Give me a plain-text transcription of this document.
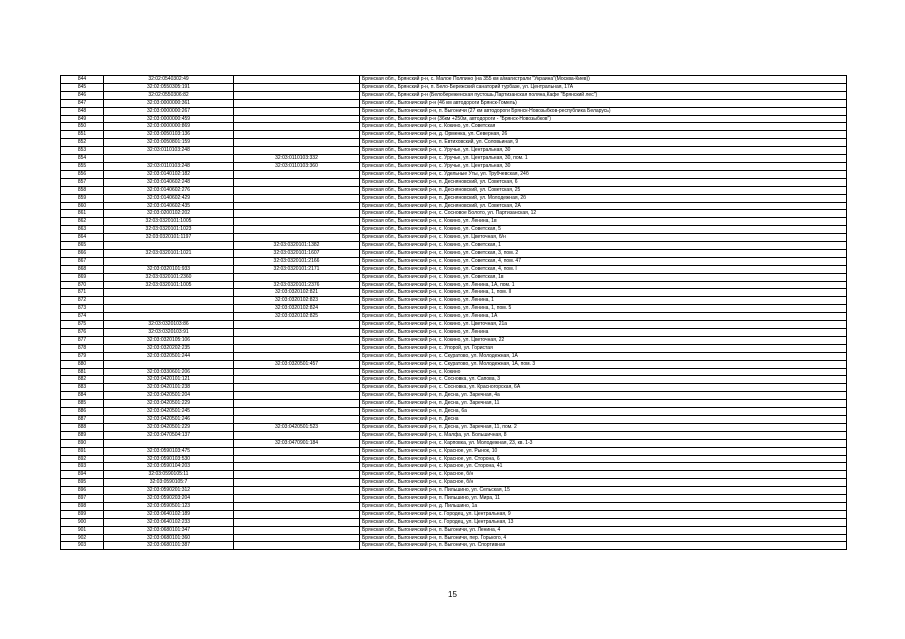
844	32:02:0540302:49		Брянская обл., Брянский р-н, с. Малое Полпино (на 355 км а/магистрали "Украина"(Москва-Киев))
845	32:02:0550305:191		Брянская обл., Брянский р-н, п. Бело-Бережский санаторий турбазе, ул. Центральная, 17А
846	32:02:0550306:82		Брянская обл., Брянский р-н (Белобереженская пустошь,Партизанская поляна,Кафе "Брянский лес")
847	32:03:0000000:361		Брянская обл., Выгоничский р-н (46 км автодороги Брянск-Гомель)
848	32:03:0000000:267		Брянская обл., Выгоничский р-н, п. Выгоничи (27 км автодороги Брянск-Новозыбков-республика Беларусь)
849	32:03:0000000:459		Брянская обл., Выгоничский р-н (36км +250м, автодороги - "Брянск-Новозыбков")
850	32:03:0000000:869		Брянская обл., Выгоничский р-н, с. Кокино, ул. Советская
851	32:03:0050103:136		Брянская обл., Выгоничский р-н, д. Орменка, ул. Северная, 26
852	32:03:0050801:159		Брянская обл., Выгоничский р-н, п. Евтиховский, ул. Соловьиная, 9
853	32:03:0110103:248		Брянская обл., Выгоничский р-н, с. Уручье, ул. Центральная, 30
854		32:03:0110103:332	Брянская обл., Выгоничский р-н, с. Уручье, ул. Центральная, 30, пом. 1
855	32:03:0110103:248	32:03:0110103:360	Брянская обл., Выгоничский р-н, с. Уручье, ул. Центральная, 30
856	32:03:0140102:182		Брянская обл., Выгоничский р-н, с. Удельные Уты, ул. Трубчевская, 24б
857	32:03:0140602:248		Брянская обл., Выгоничский р-н, п. Десняновский, ул. Советская, 6
858	32:03:0140602:276		Брянская обл., Выгоничский р-н, п. Десняновский, ул. Советская, 25
859	32:03:0140602:429		Брянская обл., Выгоничский р-н, п. Десняновский, ул. Молодежная, 2б
860	32:03:0140602:435		Брянская обл., Выгоничский р-н, п. Десняновский, ул. Советская, 2А
861	32:03:0200102:202		Брянская обл., Выгоничский р-н, с. Сосновое Болото, ул. Партизанская, 12
862	32:03:0320101:1005		Брянская обл., Выгоничский р-н, с. Кокино, ул. Ленина, 1в
863	32:03:0320101:1023		Брянская обл., Выгоничский р-н, с. Кокино, ул. Советская, 5
864	32:03:0320101:1197		Брянская обл., Выгоничский р-н, с. Кокино, ул. Цветочная, б/н
865		32:03:0320101:1382	Брянская обл., Выгоничский р-н, с. Кокино, ул. Советская, 1
866	32:03:0320101:1021	32:03:0320101:1607	Брянская обл., Выгоничский р-н, с. Кокино, ул. Советская, 3, пом. 2
867		32:03:0320101:2166	Брянская обл., Выгоничский р-н, с. Кокино, ул. Советская, 4, пом. 47
868	32:03:0320101:933	32:03:0320101:2171	Брянская обл., Выгоничский р-н, с. Кокино, ул. Советская, 4, пом. I
869	32:03:0320101:2360		Брянская обл., Выгоничский р-н, с. Кокино, ул. Советская, 1в
870	32:03:0320101:1005	32:03:0320101:2376	Брянская обл., Выгоничский р-н, с. Кокино, ул. Ленина, 1А, пом. 1
871		32:03:0320102:821	Брянская обл., Выгоничский р-н, с. Кокино, ул. Ленина, 1, пом. II
872		32:03:0320102:823	Брянская обл., Выгоничский р-н, с. Кокино, ул. Ленина, 1
873		32:03:0320102:824	Брянская обл., Выгоничский р-н, с. Кокино, ул. Ленина, 1, пом. 5
874		32:03:0320102:825	Брянская обл., Выгоничский р-н, с. Кокино, ул. Ленина, 1А
875	32:03:0320103:86		Брянская обл., Выгоничский р-н, с. Кокино, ул. Цветочная, 21а
876	32:03:0320103:91		Брянская обл., Выгоничский р-н, с. Кокино, ул. Ленина
877	32:03:0320105:106		Брянская обл., Выгоничский р-н, с. Кокино, ул. Цветочная, 22
878	32:03:0320202:235		Брянская обл., Выгоничский р-н, с. Упорой, ул. Гористая
879	32:03:0320501:244		Брянская обл., Выгоничский р-н, с. Скуратово, ул. Молодежная, 1А
880		32:03:0320501:457	Брянская обл., Выгоничский р-н, с. Скуратово, ул. Молодежная, 1А, пом. 3
881	32:03:0330601:206		Брянская обл., Выгоничский р-н, с. Кокино
882	32:03:0420101:121		Брянская обл., Выгоничский р-н, с. Сосновка, ул. Сапова, 3
883	32:03:0420101:238		Брянская обл., Выгоничский р-н, с. Сосновка, ул. Красногорская, 6А
884	32:03:0420501:204		Брянская обл., Выгоничский р-н, п. Десна, ул. Заречная, 4а
885	32:03:0420501:229		Брянская обл., Выгоничский р-н, п. Десна, ул. Заречная, 11
886	32:03:0420501:245		Брянская обл., Выгоничский р-н, п. Десна, 6а
887	32:03:0420501:246		Брянская обл., Выгоничский р-н, п. Десна
888	32:03:0420501:229	32:03:0420501:523	Брянская обл., Выгоничский р-н, п. Десна, ул. Заречная, 11, пом. 2
889	32:03:0470504:137		Брянская обл., Выгоничский р-н, с. Малфа, ул. Большичная, 8
890		32:03:0470901:184	Брянская обл., Выгоничский р-н, с. Карповка, ул. Молодежная, 23, кв. 1-3
891	32:03:0590103:475		Брянская обл., Выгоничский р-н, с. Красное, ул. Рынок, 10
892	32:03:0590103:530		Брянская обл., Выгоничский р-н, с. Красное, ул. Сторона, 6
893	32:03:0590104:203		Брянская обл., Выгоничский р-н, с. Красное, ул. Сторона, 41
894	32:03:0590105:11		Брянская обл., Выгоничский р-н, с. Красное, б/н
895	32:03:0590105:7		Брянская обл., Выгоничский р-н, с. Красное, б/н
896	32:03:0590201:312		Брянская обл., Выгоничский р-н, п. Пильшино, ул. Сельская, 15
897	32:03:0590203:204		Брянская обл., Выгоничский р-н, п. Пильшино, ул. Мира, 11
898	32:03:0590501:123		Брянская обл., Выгоничский р-н, д. Пильшино, 1а
899	32:03:0640102:189		Брянская обл., Выгоничский р-н, с. Городец, ул. Центральная, 9
900	32:03:0640102:233		Брянская обл., Выгоничский р-н, с. Городец, ул. Центральная, 13
901	32:03:0680101:347		Брянская обл., Выгоничский р-н, п. Выгоничи, ул. Ленина, 4
902	32:03:0680101:360		Брянская обл., Выгоничский р-н, п. Выгоничи, пер. Горького, 4
903	32:03:0680101:387		Брянская обл., Выгоничский р-н, п. Выгоничи, ул. Спортивная
15
